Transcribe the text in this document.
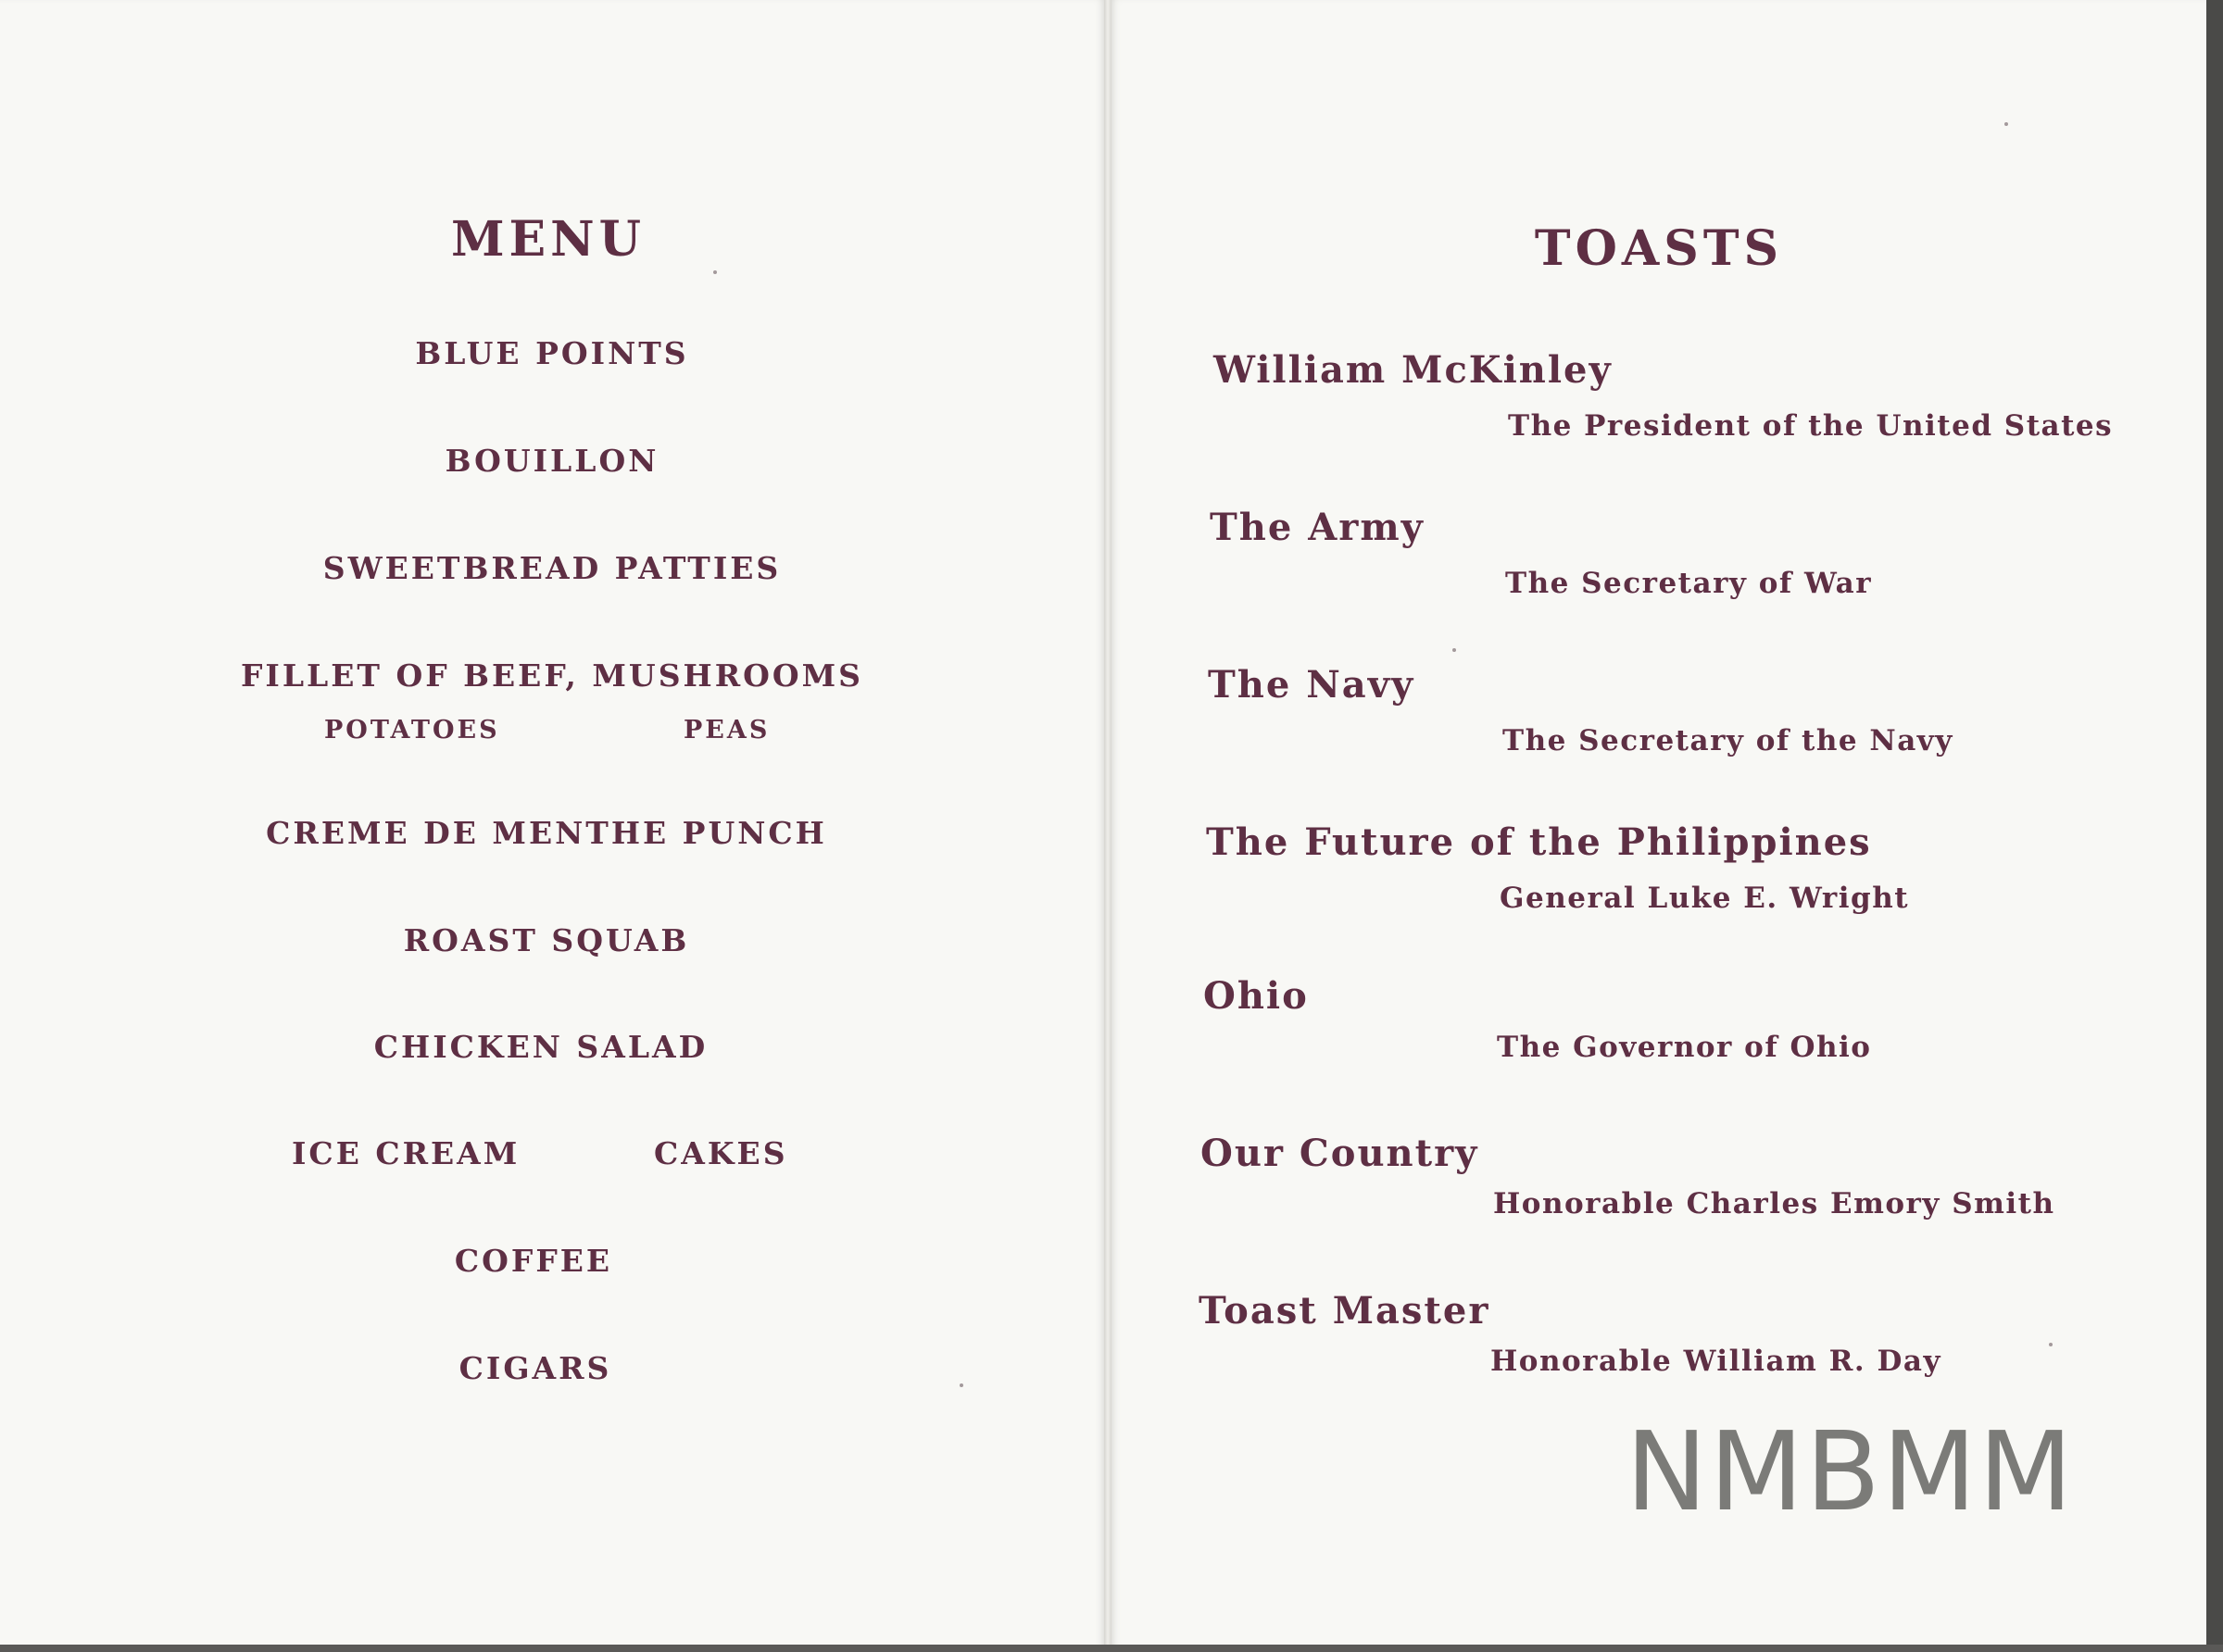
MENU
BLUE POINTS
BOUILLON
SWEETBREAD PATTIES
FILLET OF BEEF, MUSHROOMS
POTATOES	PEAS
CREME DE MENTHE PUNCH
ROAST SQUAB
CHICKEN SALAD
ICE CREAM	CAKES
COFFEE
CIGARS
TOASTS
William McKinley
The President of the United States
The Army
The Secretary of War
The Navy
The Secretary of the Navy
The Future of the Philippines
General Luke E. Wright
Ohio
The Governor of Ohio
Our Country
Honorable Charles Emory Smith
Toast Master
Honorable William R. Day
NMBMM
